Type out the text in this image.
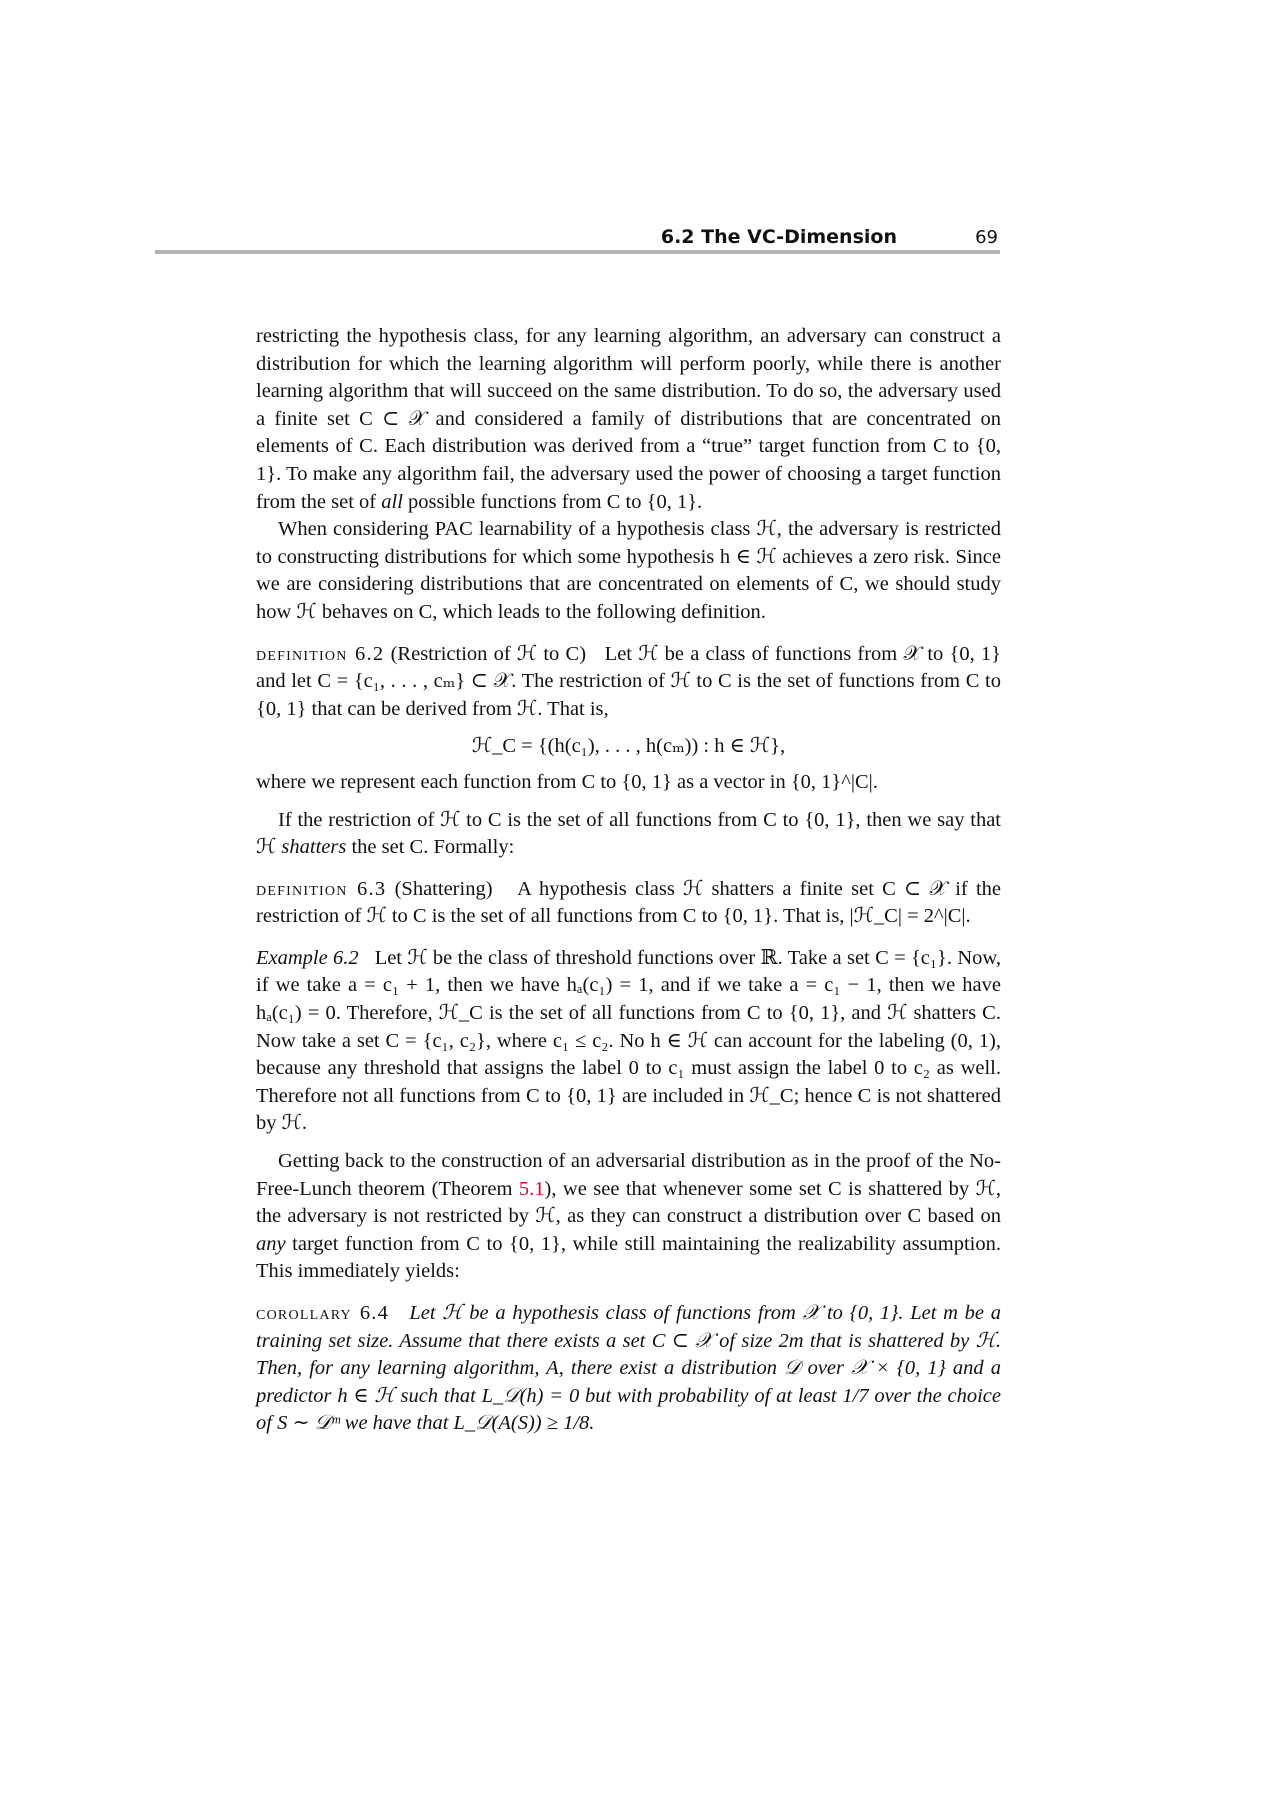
6.2 The VC-Dimension	69

restricting the hypothesis class, for any learning algorithm, an adversary can construct a distribution for which the learning algorithm will perform poorly, while there is another learning algorithm that will succeed on the same distribution. To do so, the adversary used a finite set C ⊂ 𝒳 and considered a family of distributions that are concentrated on elements of C. Each distribution was derived from a “true” target function from C to {0, 1}. To make any algorithm fail, the adversary used the power of choosing a target function from the set of all possible functions from C to {0, 1}.

When considering PAC learnability of a hypothesis class ℋ, the adversary is restricted to constructing distributions for which some hypothesis h ∈ ℋ achieves a zero risk. Since we are considering distributions that are concentrated on elements of C, we should study how ℋ behaves on C, which leads to the following definition.

definition 6.2 (Restriction of ℋ to C) Let ℋ be a class of functions from 𝒳 to {0, 1} and let C = {c₁, . . . , cₘ} ⊂ 𝒳. The restriction of ℋ to C is the set of functions from C to {0, 1} that can be derived from ℋ. That is,

ℋ_C = {(h(c₁), . . . , h(cₘ)) : h ∈ ℋ},

where we represent each function from C to {0, 1} as a vector in {0, 1}^|C|.

If the restriction of ℋ to C is the set of all functions from C to {0, 1}, then we say that ℋ shatters the set C. Formally:

definition 6.3 (Shattering) A hypothesis class ℋ shatters a finite set C ⊂ 𝒳 if the restriction of ℋ to C is the set of all functions from C to {0, 1}. That is, |ℋ_C| = 2^|C|.

Example 6.2 Let ℋ be the class of threshold functions over ℝ. Take a set C = {c₁}. Now, if we take a = c₁ + 1, then we have hₐ(c₁) = 1, and if we take a = c₁ − 1, then we have hₐ(c₁) = 0. Therefore, ℋ_C is the set of all functions from C to {0, 1}, and ℋ shatters C. Now take a set C = {c₁, c₂}, where c₁ ≤ c₂. No h ∈ ℋ can account for the labeling (0, 1), because any threshold that assigns the label 0 to c₁ must assign the label 0 to c₂ as well. Therefore not all functions from C to {0, 1} are included in ℋ_C; hence C is not shattered by ℋ.

Getting back to the construction of an adversarial distribution as in the proof of the No-Free-Lunch theorem (Theorem 5.1), we see that whenever some set C is shattered by ℋ, the adversary is not restricted by ℋ, as they can construct a distribution over C based on any target function from C to {0, 1}, while still maintaining the realizability assumption. This immediately yields:

corollary 6.4 Let ℋ be a hypothesis class of functions from 𝒳 to {0, 1}. Let m be a training set size. Assume that there exists a set C ⊂ 𝒳 of size 2m that is shattered by ℋ. Then, for any learning algorithm, A, there exist a distribution 𝒟 over 𝒳 × {0, 1} and a predictor h ∈ ℋ such that L_𝒟(h) = 0 but with probability of at least 1/7 over the choice of S ∼ 𝒟ᵐ we have that L_𝒟(A(S)) ≥ 1/8.
